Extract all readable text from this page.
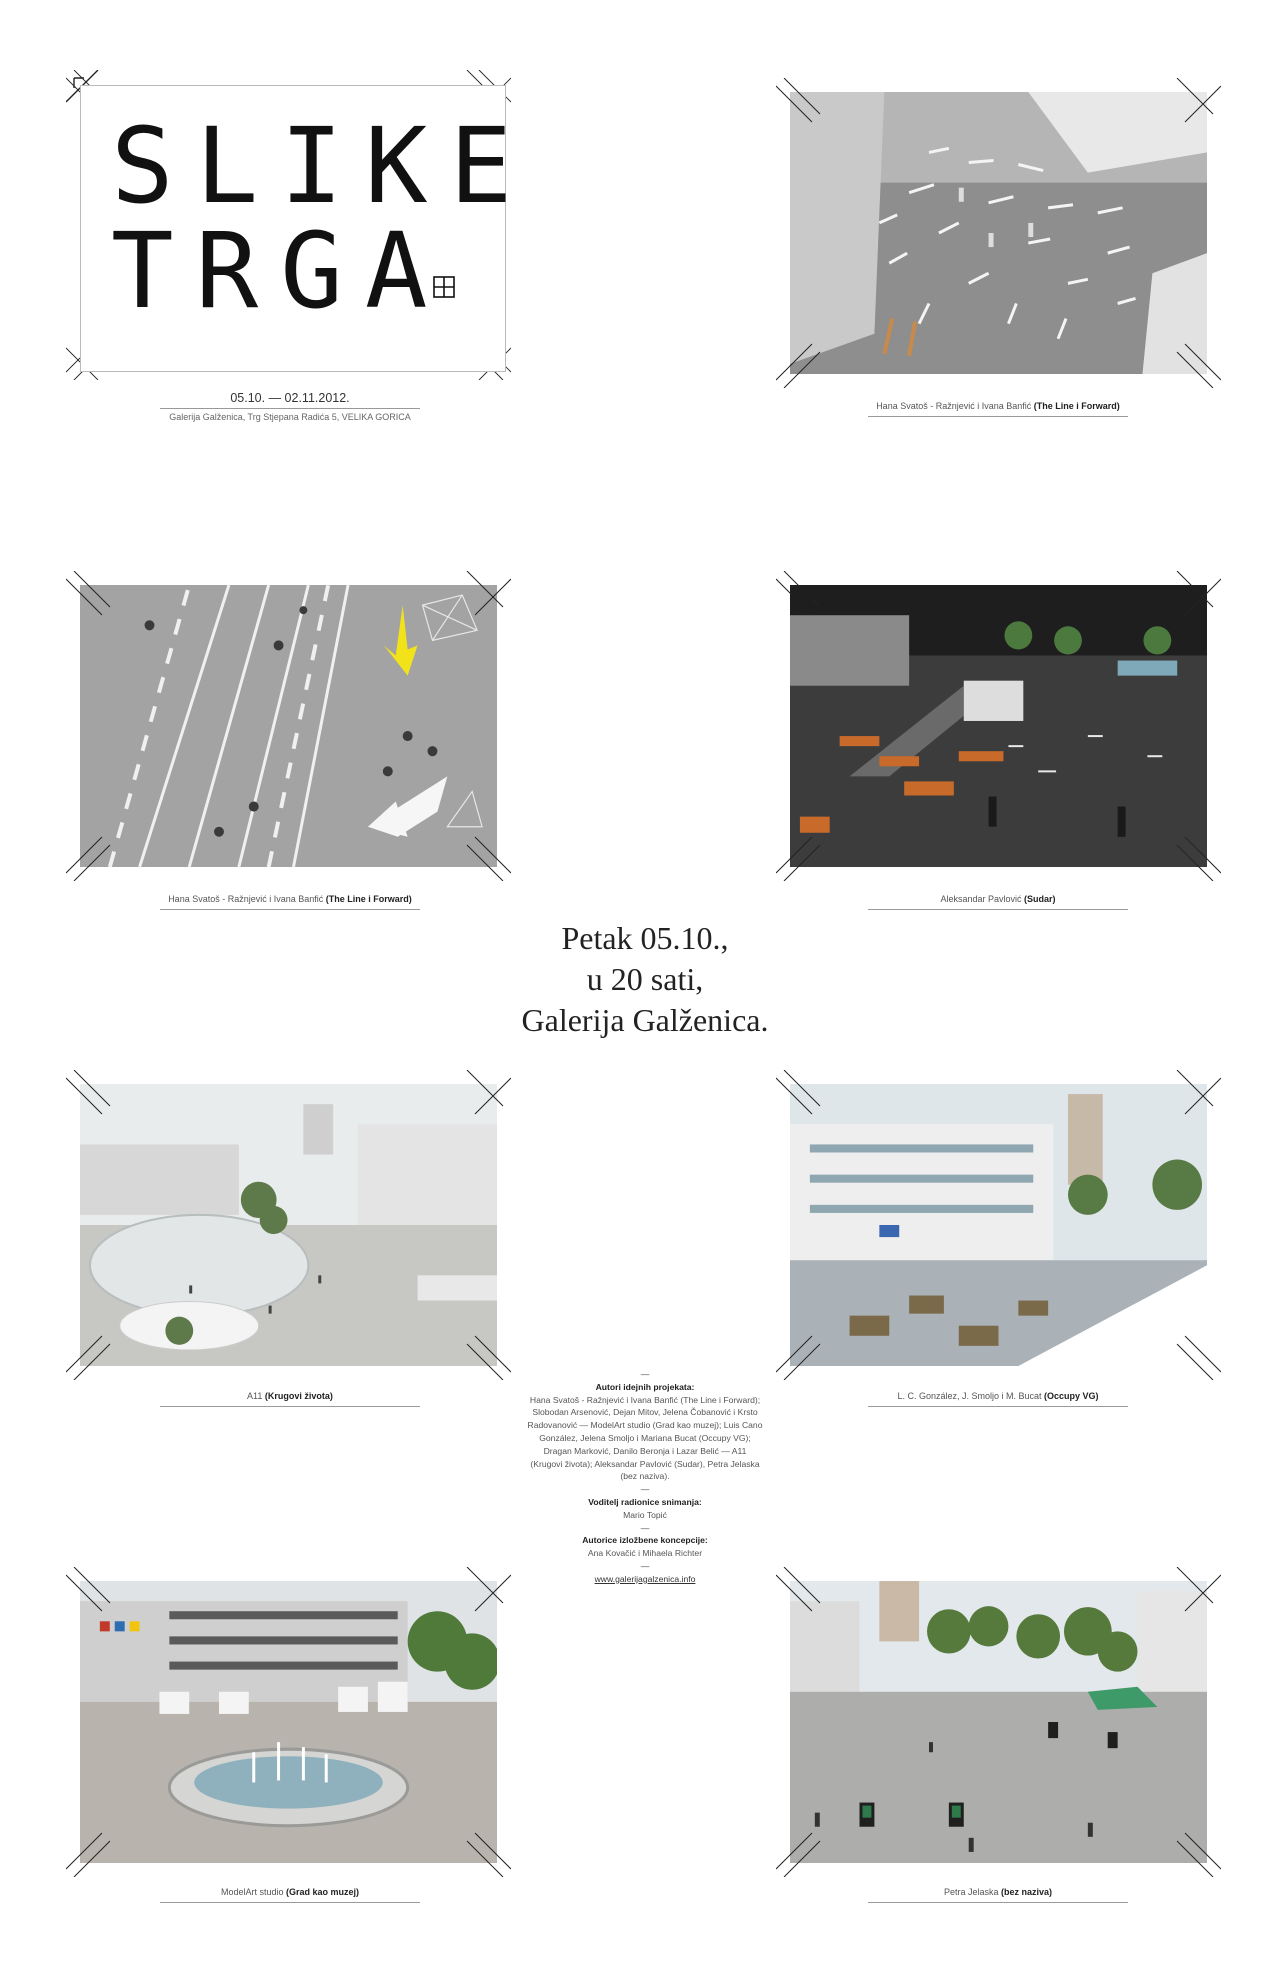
SLIKE
TRGA
05.10. — 02.11.2012.
Galerija Galženica, Trg Stjepana Radića 5, VELIKA GORICA
Hana Svatoš - Ražnjević i Ivana Banfić (The Line i Forward)
Hana Svatoš - Ražnjević i Ivana Banfić (The Line i Forward)	Aleksandar Pavlović (Sudar)
Petak 05.10.,
u 20 sati,
Galerija Galženica.
A11 (Krugovi života)	L. C. González, J. Smoljo i M. Bucat (Occupy VG)
—
Autori idejnih projekata:
Hana Svatoš - Ražnjević i Ivana Banfić (The Line i Forward); Slobodan Arsenović, Dejan Mitov, Jelena Čobanović i Krsto Radovanović — ModelArt studio (Grad kao muzej); Luis Cano González, Jelena Smoljo i Mariana Bucat (Occupy VG); Dragan Marković, Danilo Beronja i Lazar Belić — A11 (Krugovi života); Aleksandar Pavlović (Sudar), Petra Jelaska (bez naziva).
—
Voditelj radionice snimanja:
Mario Topić
—
Autorice izložbene koncepcije:
Ana Kovačić i Mihaela Richter
—
www.galerijagalzenica.info
ModelArt studio (Grad kao muzej)	Petra Jelaska (bez naziva)
